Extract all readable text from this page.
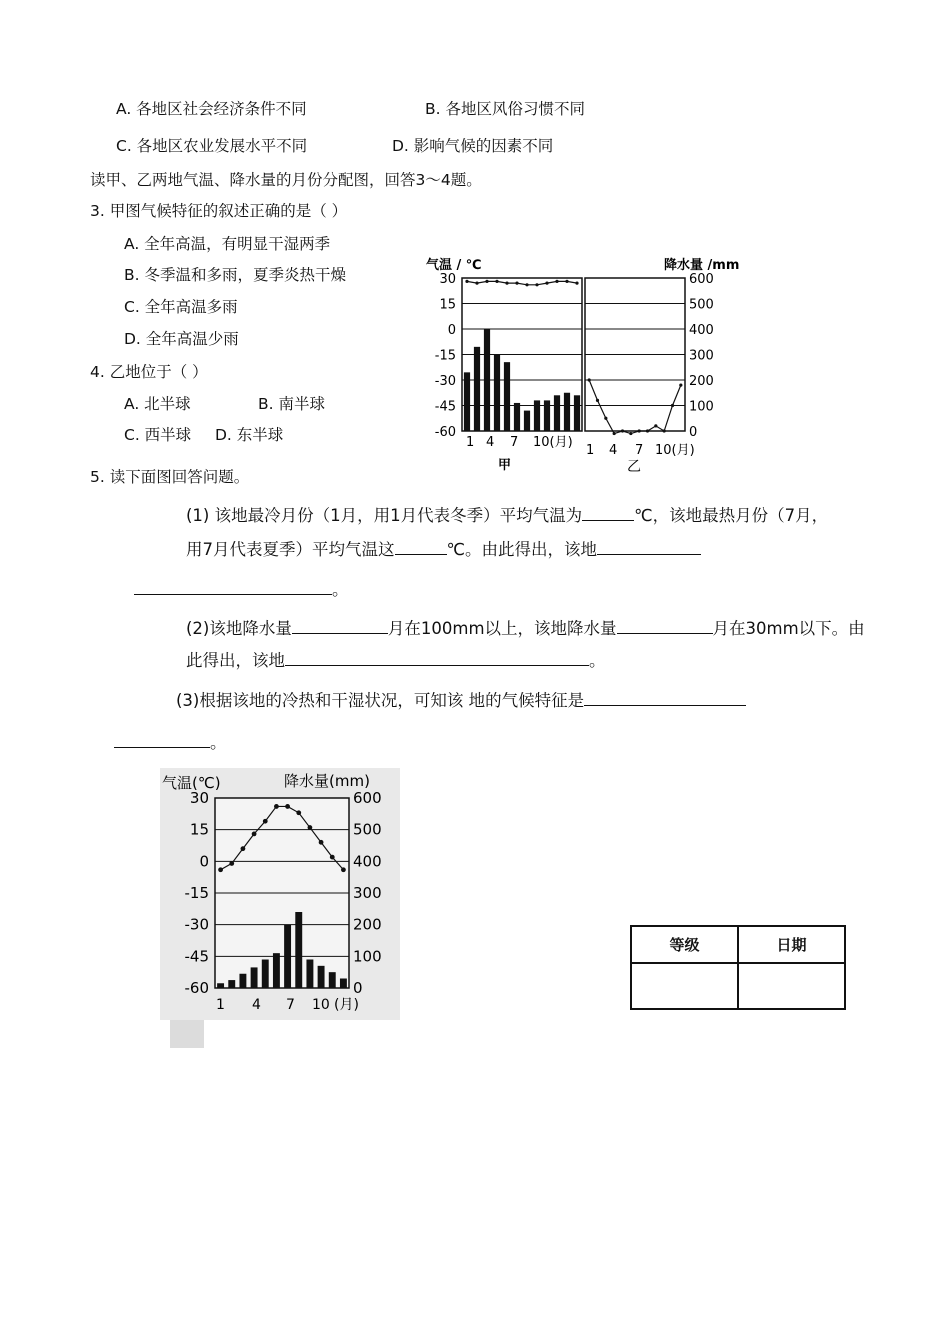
A. 各地区社会经济条件不同	B. 各地区风俗习惯不同
C. 各地区农业发展水平不同	D. 影响气候的因素不同
读甲、乙两地气温、降水量的月份分配图，回答3～4题。
3. 甲图气候特征的叙述正确的是（ ）
A. 全年高温，有明显干湿两季
B. 冬季温和多雨，夏季炎热干燥
C. 全年高温多雨
D. 全年高温少雨
4. 乙地位于（ ）
A. 北半球	B. 南半球
C. 西半球 D. 东半球
气温 / ℃	降水量 /mm
30
15
0
-15
-30
-45
-60
1 4 7 10(月)
甲
600
500
400
300
200
100
0
1 4 7 10(月)
乙
5. 读下面图回答问题。
(1) 该地最冷月份（1月，用1月代表冬季）平均气温为	℃，该地最热月份（7月，
用7月代表夏季）平均气温这	℃。由此得出，该地
。
(2)该地降水量	月在100mm以上，该地降水量	月在30mm以下。由
此得出，该地	。
(3)根据该地的冷热和干湿状况，可知该 地的气候特征是
。
气温(℃)	降水量(mm)
30
15
0
-15
-30
-45
-60
600
500
400
300
200
100
0
1 4 7 10 (月)
等级	日期
